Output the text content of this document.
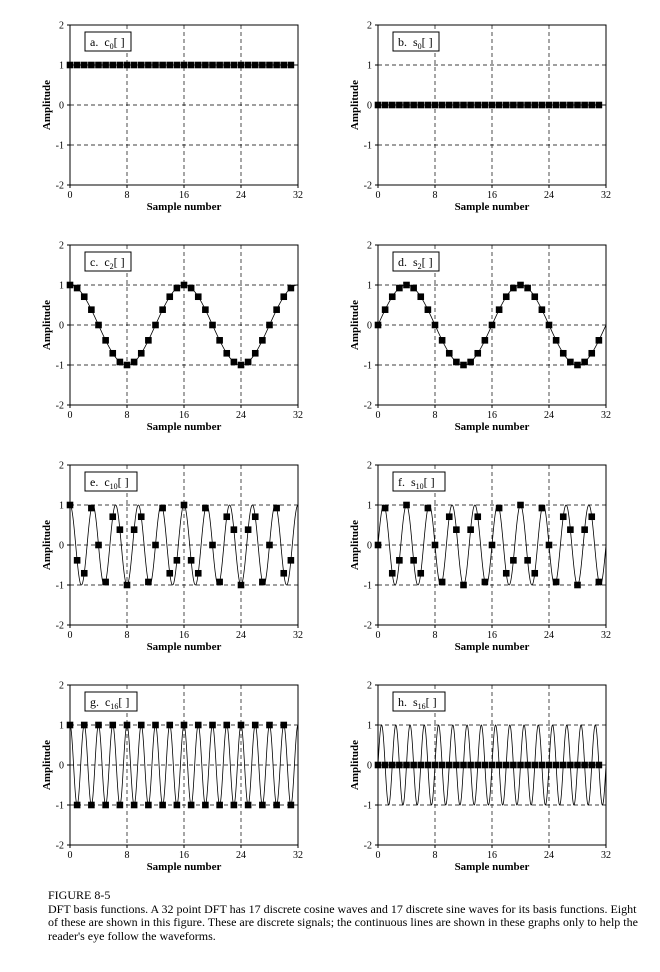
0	8	16	24	32
-2
-1
0
1
2
Sample number
Amplitude
a.  $c_0$[ ]
0	8	16	24	32
-2
-1
0
1
2
Sample number
Amplitude
b.  $s_0$[ ]
0	8	16	24	32
-2
-1
0
1
2
Sample number
Amplitude
c.  $c_2$[ ]
0	8	16	24	32
-2
-1
0
1
2
Sample number
Amplitude
d.  $s_2$[ ]
0	8	16	24	32
-2
-1
0
1
2
Sample number
Amplitude
e.  $c_{10}$[ ]
0	8	16	24	32
-2
-1
0
1
2
Sample number
Amplitude
f.  $s_{10}$[ ]
0	8	16	24	32
-2
-1
0
1
2
Sample number
Amplitude
g.  $c_{16}$[ ]
0	8	16	24	32
-2
-1
0
1
2
Sample number
Amplitude
h.  $s_{16}$[ ]
FIGURE 8-5
DFT basis functions. A 32 point DFT has 17 discrete cosine waves and 17 discrete sine waves for its basis functions. Eight of these are shown in this figure. These are discrete signals; the continuous lines are shown in these graphs only to help the reader's eye follow the waveforms.
